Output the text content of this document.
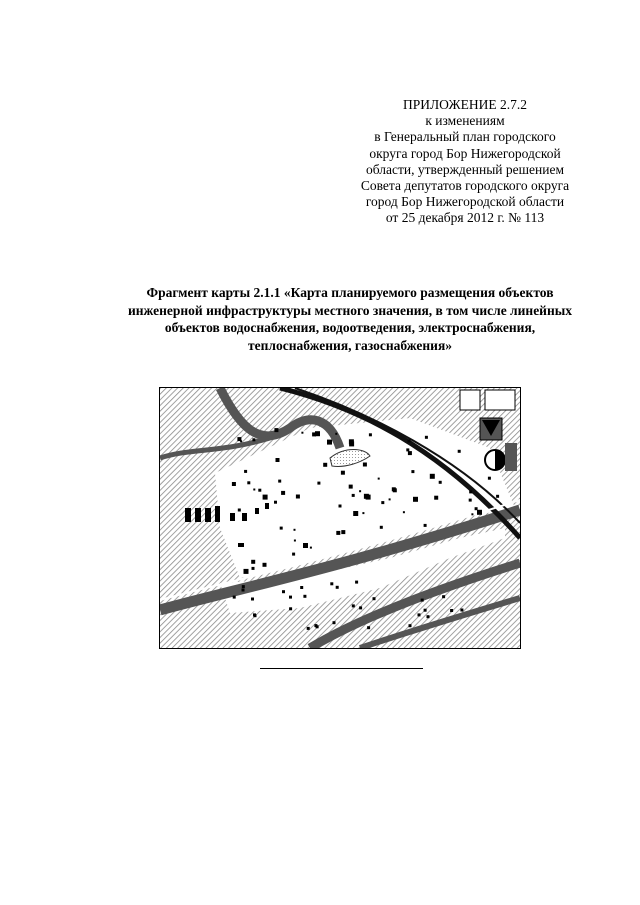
ПРИЛОЖЕНИЕ 2.7.2
к изменениям
в Генеральный план городского
округа город Бор Нижегородской
области, утвержденный решением
Совета депутатов городского округа
город Бор Нижегородской области
от 25 декабря 2012 г. № 113
Фрагмент карты 2.1.1 «Карта планируемого размещения объектов
инженерной инфраструктуры местного значения, в том числе линейных
объектов водоснабжения, водоотведения, электроснабжения,
теплоснабжения, газоснабжения»
